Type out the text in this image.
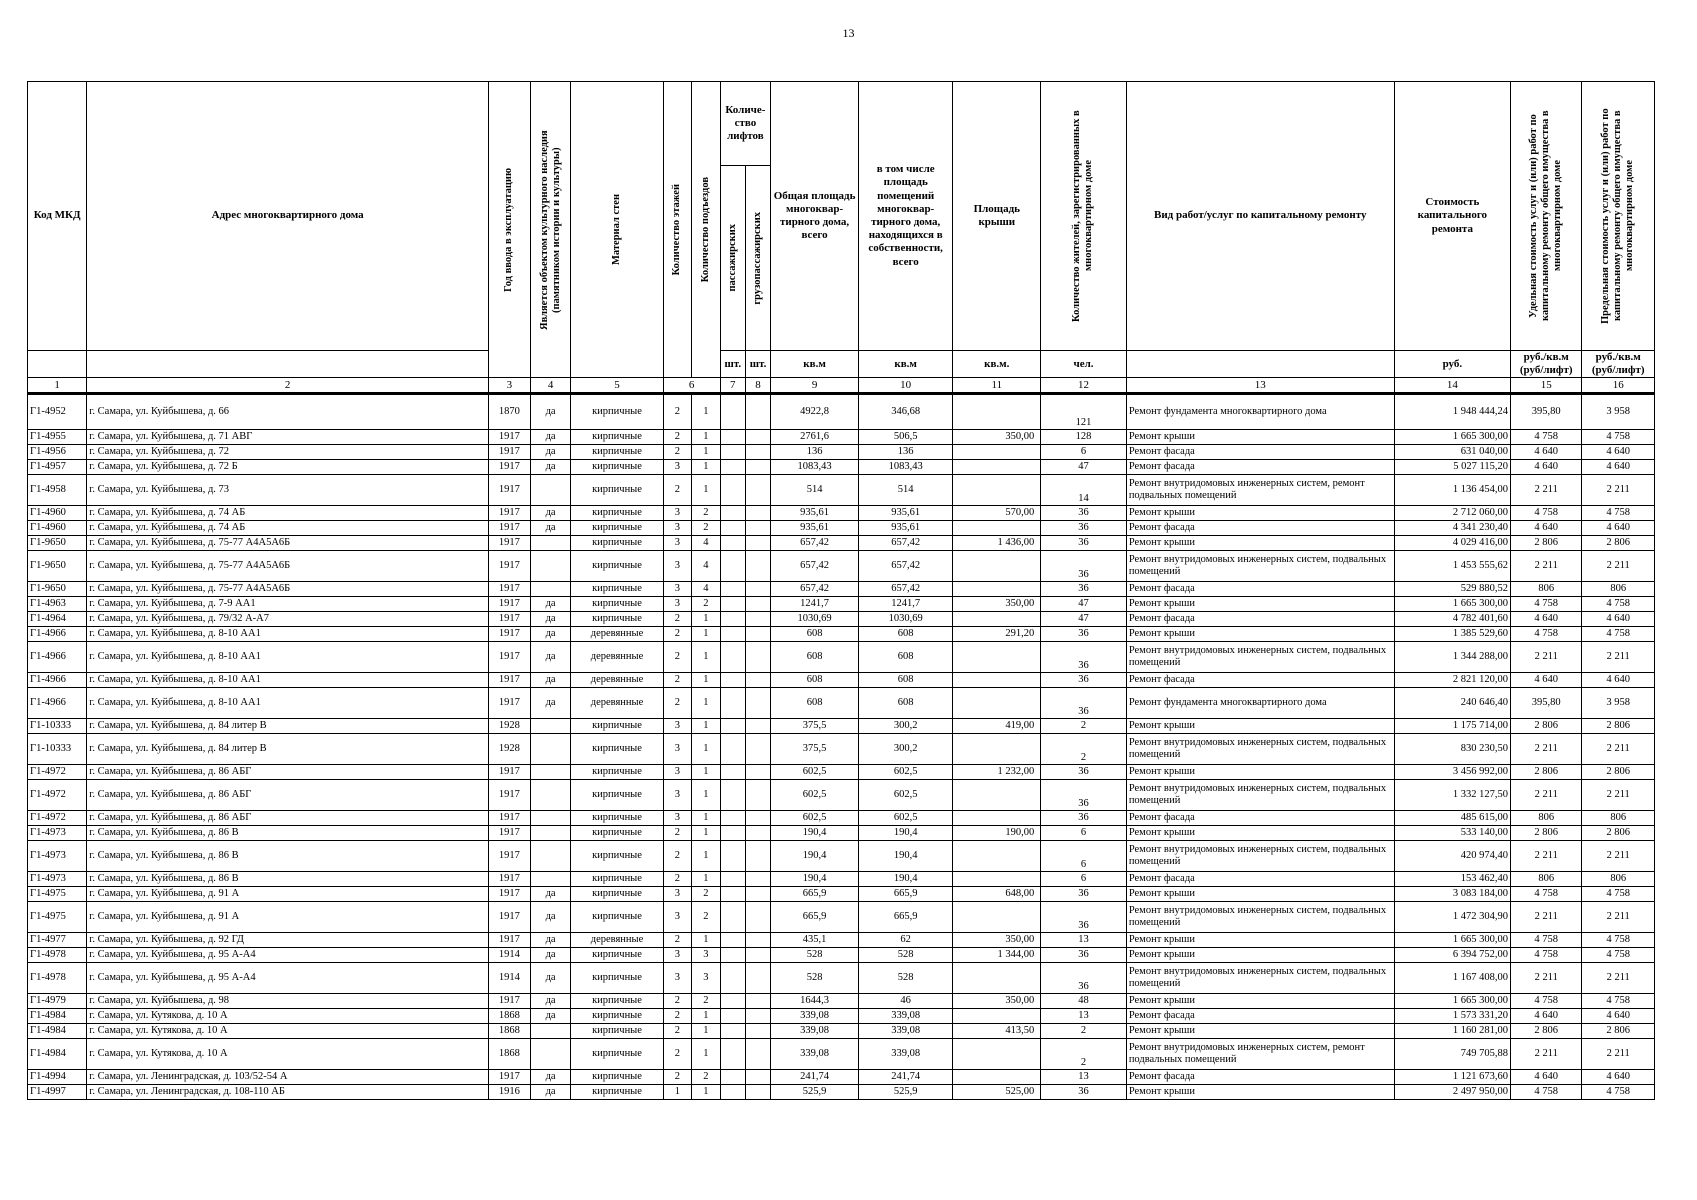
13
Код МКД	Адрес многоквартирного дома	Год ввода в эксплуатацию	Является объектом культурного наследия (памятником истории и культуры)	Материал стен	Количество этажей	Количество подъездов	Количе-ство лифтов		Общая площадь многоквар-тирного дома, всего	в том числе площадь помещений многоквар-тирного дома, находящихся в собственности, всего	Площадь крыши	Количество жителей, зарегистрированных в многоквартирном доме	Вид работ/услуг по капитальному ремонту	Стоимость капитального ремонта	Удельная стоимость услуг и (или) работ по капитальному ремонту общего имущества в многоквартирном доме	Предельная стоимость услуг и (или) работ по капитальному ремонту общего имущества в многоквартирном доме

							пассажирских	грузопассажирских								

							шт.	шт.	кв.м	кв.м	кв.м.	чел.		руб.	руб./кв.м (руб/лифт)	руб./кв.м (руб/лифт)
1	2	3	4	5	6		7	8	9	10	11	12	13	14	15	16
Г1-4952	г. Самара, ул. Куйбышева, д. 66	1870	да	кирпичные	2	1			4922,8	346,68		121	Ремонт фундамента многоквартирного дома	1 948 444,24	395,80	3 958
Г1-4955	г. Самара, ул. Куйбышева, д. 71 АВГ	1917	да	кирпичные	2	1			2761,6	506,5	350,00	128	Ремонт крыши	1 665 300,00	4 758	4 758
Г1-4956	г. Самара, ул. Куйбышева, д. 72	1917	да	кирпичные	2	1			136	136		6	Ремонт фасада	631 040,00	4 640	4 640
Г1-4957	г. Самара, ул. Куйбышева, д. 72 Б	1917	да	кирпичные	3	1			1083,43	1083,43		47	Ремонт фасада	5 027 115,20	4 640	4 640
Г1-4958	г. Самара, ул. Куйбышева, д. 73	1917		кирпичные	2	1			514	514		14	Ремонт внутридомовых инженерных систем, ремонт подвальных помещений	1 136 454,00	2 211	2 211
Г1-4960	г. Самара, ул. Куйбышева, д. 74 АБ	1917	да	кирпичные	3	2			935,61	935,61	570,00	36	Ремонт крыши	2 712 060,00	4 758	4 758
Г1-4960	г. Самара, ул. Куйбышева, д. 74 АБ	1917	да	кирпичные	3	2			935,61	935,61		36	Ремонт фасада	4 341 230,40	4 640	4 640
Г1-9650	г. Самара, ул. Куйбышева, д. 75-77 А4А5А6Б	1917		кирпичные	3	4			657,42	657,42	1 436,00	36	Ремонт крыши	4 029 416,00	2 806	2 806
Г1-9650	г. Самара, ул. Куйбышева, д. 75-77 А4А5А6Б	1917		кирпичные	3	4			657,42	657,42		36	Ремонт внутридомовых инженерных систем, подвальных помещений	1 453 555,62	2 211	2 211
Г1-9650	г. Самара, ул. Куйбышева, д. 75-77 А4А5А6Б	1917		кирпичные	3	4			657,42	657,42		36	Ремонт фасада	529 880,52	806	806
Г1-4963	г. Самара, ул. Куйбышева, д. 7-9 АА1	1917	да	кирпичные	3	2			1241,7	1241,7	350,00	47	Ремонт крыши	1 665 300,00	4 758	4 758
Г1-4964	г. Самара, ул. Куйбышева, д. 79/32 А-А7	1917	да	кирпичные	2	1			1030,69	1030,69		47	Ремонт фасада	4 782 401,60	4 640	4 640
Г1-4966	г. Самара, ул. Куйбышева, д. 8-10 АА1	1917	да	деревянные	2	1			608	608	291,20	36	Ремонт крыши	1 385 529,60	4 758	4 758
Г1-4966	г. Самара, ул. Куйбышева, д. 8-10 АА1	1917	да	деревянные	2	1			608	608		36	Ремонт внутридомовых инженерных систем, подвальных помещений	1 344 288,00	2 211	2 211
Г1-4966	г. Самара, ул. Куйбышева, д. 8-10 АА1	1917	да	деревянные	2	1			608	608		36	Ремонт фасада	2 821 120,00	4 640	4 640
Г1-4966	г. Самара, ул. Куйбышева, д. 8-10 АА1	1917	да	деревянные	2	1			608	608		36	Ремонт фундамента многоквартирного дома	240 646,40	395,80	3 958
Г1-10333	г. Самара, ул. Куйбышева, д. 84 литер В	1928		кирпичные	3	1			375,5	300,2	419,00	2	Ремонт крыши	1 175 714,00	2 806	2 806
Г1-10333	г. Самара, ул. Куйбышева, д. 84 литер В	1928		кирпичные	3	1			375,5	300,2		2	Ремонт внутридомовых инженерных систем, подвальных помещений	830 230,50	2 211	2 211
Г1-4972	г. Самара, ул. Куйбышева, д. 86 АБГ	1917		кирпичные	3	1			602,5	602,5	1 232,00	36	Ремонт крыши	3 456 992,00	2 806	2 806
Г1-4972	г. Самара, ул. Куйбышева, д. 86 АБГ	1917		кирпичные	3	1			602,5	602,5		36	Ремонт внутридомовых инженерных систем, подвальных помещений	1 332 127,50	2 211	2 211
Г1-4972	г. Самара, ул. Куйбышева, д. 86 АБГ	1917		кирпичные	3	1			602,5	602,5		36	Ремонт фасада	485 615,00	806	806
Г1-4973	г. Самара, ул. Куйбышева, д. 86 В	1917		кирпичные	2	1			190,4	190,4	190,00	6	Ремонт крыши	533 140,00	2 806	2 806
Г1-4973	г. Самара, ул. Куйбышева, д. 86 В	1917		кирпичные	2	1			190,4	190,4		6	Ремонт внутридомовых инженерных систем, подвальных помещений	420 974,40	2 211	2 211
Г1-4973	г. Самара, ул. Куйбышева, д. 86 В	1917		кирпичные	2	1			190,4	190,4		6	Ремонт фасада	153 462,40	806	806
Г1-4975	г. Самара, ул. Куйбышева, д. 91 А	1917	да	кирпичные	3	2			665,9	665,9	648,00	36	Ремонт крыши	3 083 184,00	4 758	4 758
Г1-4975	г. Самара, ул. Куйбышева, д. 91 А	1917	да	кирпичные	3	2			665,9	665,9		36	Ремонт внутридомовых инженерных систем, подвальных помещений	1 472 304,90	2 211	2 211
Г1-4977	г. Самара, ул. Куйбышева, д. 92 ГД	1917	да	деревянные	2	1			435,1	62	350,00	13	Ремонт крыши	1 665 300,00	4 758	4 758
Г1-4978	г. Самара, ул. Куйбышева, д. 95 А-А4	1914	да	кирпичные	3	3			528	528	1 344,00	36	Ремонт крыши	6 394 752,00	4 758	4 758
Г1-4978	г. Самара, ул. Куйбышева, д. 95 А-А4	1914	да	кирпичные	3	3			528	528		36	Ремонт внутридомовых инженерных систем, подвальных помещений	1 167 408,00	2 211	2 211
Г1-4979	г. Самара, ул. Куйбышева, д. 98	1917	да	кирпичные	2	2			1644,3	46	350,00	48	Ремонт крыши	1 665 300,00	4 758	4 758
Г1-4984	г. Самара, ул. Кутякова, д. 10 А	1868	да	кирпичные	2	1			339,08	339,08		13	Ремонт фасада	1 573 331,20	4 640	4 640
Г1-4984	г. Самара, ул. Кутякова, д. 10 А	1868		кирпичные	2	1			339,08	339,08	413,50	2	Ремонт крыши	1 160 281,00	2 806	2 806
Г1-4984	г. Самара, ул. Кутякова, д. 10 А	1868		кирпичные	2	1			339,08	339,08		2	Ремонт внутридомовых инженерных систем, ремонт подвальных помещений	749 705,88	2 211	2 211
Г1-4994	г. Самара, ул. Ленинградская, д. 103/52-54 А	1917	да	кирпичные	2	2			241,74	241,74		13	Ремонт фасада	1 121 673,60	4 640	4 640
Г1-4997	г. Самара, ул. Ленинградская, д. 108-110 АБ	1916	да	кирпичные	1	1			525,9	525,9	525,00	36	Ремонт крыши	2 497 950,00	4 758	4 758
